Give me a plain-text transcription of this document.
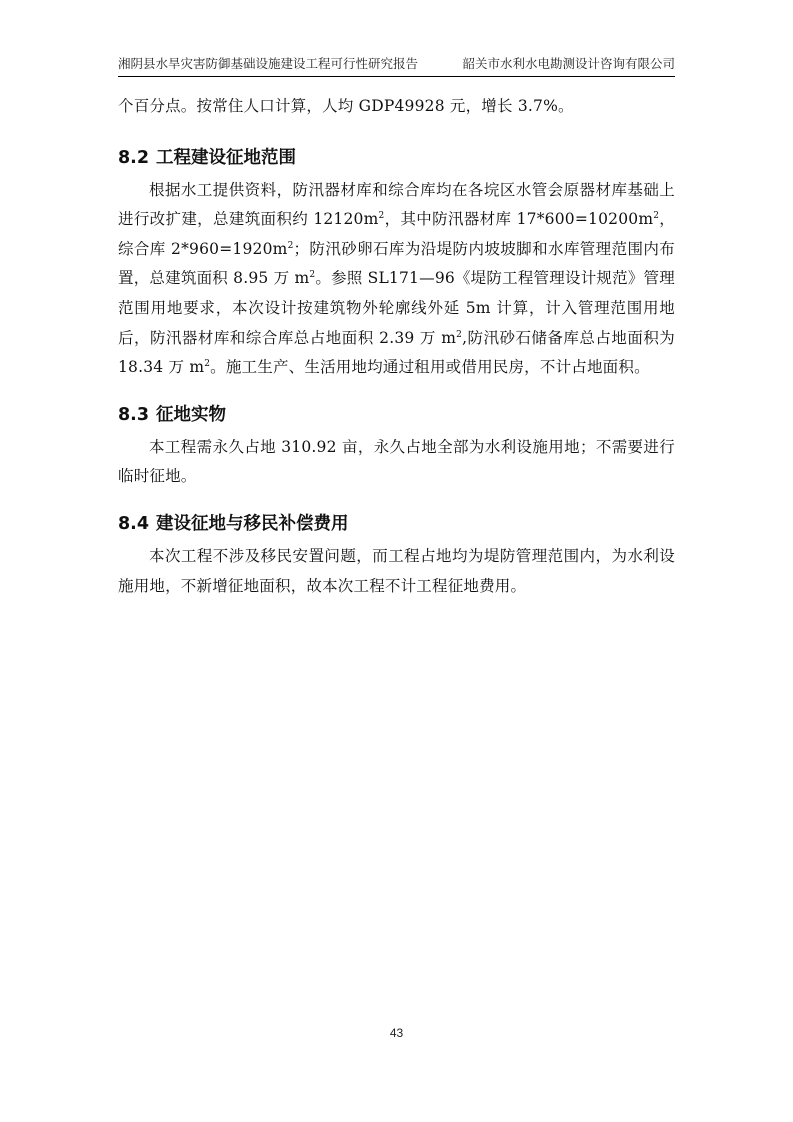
湘阴县水旱灾害防御基础设施建设工程可行性研究报告	韶关市水利水电勘测设计咨询有限公司

个百分点。按常住人口计算，人均 GDP49928 元，增长 3.7%。

8.2 工程建设征地范围

根据水工提供资料，防汛器材库和综合库均在各垸区水管会原器材库基础上进行改扩建，总建筑面积约 $12120m^2$，其中防汛器材库 $17*600=10200m^2$，综合库 $2*960=1920m^2$；防汛砂卵石库为沿堤防内坡坡脚和水库管理范围内布置，总建筑面积 8.95 万 $m^2$。参照 SL171—96《堤防工程管理设计规范》管理范围用地要求，本次设计按建筑物外轮廓线外延 5m 计算，计入管理范围用地后，防汛器材库和综合库总占地面积 2.39 万 $m^2$,防汛砂石储备库总占地面积为 18.34 万 $m^2$。施工生产、生活用地均通过租用或借用民房，不计占地面积。

8.3 征地实物

本工程需永久占地 310.92 亩，永久占地全部为水利设施用地；不需要进行临时征地。

8.4 建设征地与移民补偿费用

本次工程不涉及移民安置问题，而工程占地均为堤防管理范围内，为水利设施用地，不新增征地面积，故本次工程不计工程征地费用。

43
